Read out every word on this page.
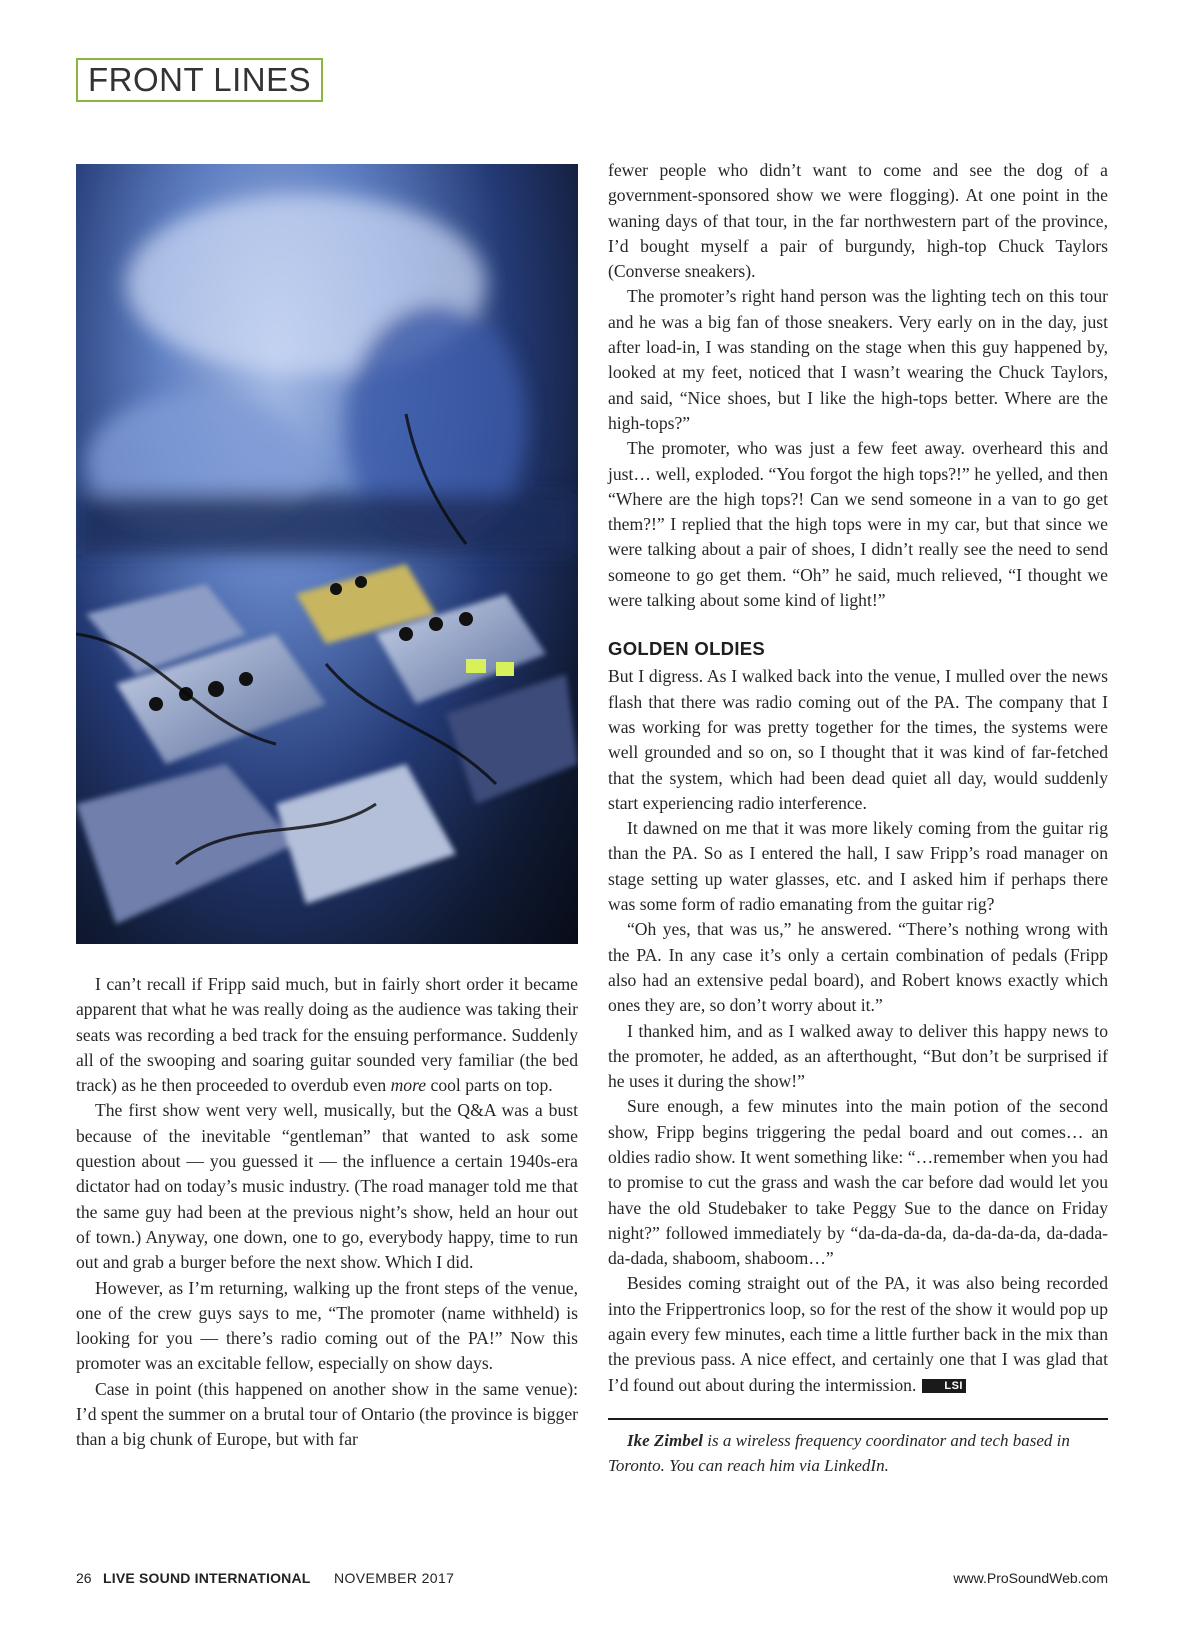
FRONT LINES

I can’t recall if Fripp said much, but in fairly short order it became apparent that what he was really doing as the audience was taking their seats was recording a bed track for the ensuing performance. Suddenly all of the swooping and soaring guitar sounded very familiar (the bed track) as he then proceeded to overdub even more cool parts on top.

The first show went very well, musically, but the Q&A was a bust because of the inevitable “gentleman” that wanted to ask some question about — you guessed it — the influence a certain 1940s-era dictator had on today’s music industry. (The road manager told me that the same guy had been at the previous night’s show, held an hour out of town.) Anyway, one down, one to go, everybody happy, time to run out and grab a burger before the next show. Which I did.

However, as I’m returning, walking up the front steps of the venue, one of the crew guys says to me, “The promoter (name withheld) is looking for you — there’s radio coming out of the PA!” Now this promoter was an excitable fellow, especially on show days.

Case in point (this happened on another show in the same venue): I’d spent the summer on a brutal tour of Ontario (the province is bigger than a big chunk of Europe, but with far

fewer people who didn’t want to come and see the dog of a government-sponsored show we were flogging). At one point in the waning days of that tour, in the far northwestern part of the province, I’d bought myself a pair of burgundy, high-top Chuck Taylors (Converse sneakers).

The promoter’s right hand person was the lighting tech on this tour and he was a big fan of those sneakers. Very early on in the day, just after load-in, I was standing on the stage when this guy happened by, looked at my feet, noticed that I wasn’t wearing the Chuck Taylors, and said, “Nice shoes, but I like the high-tops better. Where are the high-tops?”

The promoter, who was just a few feet away. overheard this and just… well, exploded. “You forgot the high tops?!” he yelled, and then “Where are the high tops?! Can we send someone in a van to go get them?!” I replied that the high tops were in my car, but that since we were talking about a pair of shoes, I didn’t really see the need to send someone to go get them. “Oh” he said, much relieved, “I thought we were talking about some kind of light!”

GOLDEN OLDIES

But I digress. As I walked back into the venue, I mulled over the news flash that there was radio coming out of the PA. The company that I was working for was pretty together for the times, the systems were well grounded and so on, so I thought that it was kind of far-fetched that the system, which had been dead quiet all day, would suddenly start experiencing radio interference.

It dawned on me that it was more likely coming from the guitar rig than the PA. So as I entered the hall, I saw Fripp’s road manager on stage setting up water glasses, etc. and I asked him if perhaps there was some form of radio emanating from the guitar rig?

“Oh yes, that was us,” he answered. “There’s nothing wrong with the PA. In any case it’s only a certain combination of pedals (Fripp also had an extensive pedal board), and Robert knows exactly which ones they are, so don’t worry about it.”

I thanked him, and as I walked away to deliver this happy news to the promoter, he added, as an afterthought, “But don’t be surprised if he uses it during the show!”

Sure enough, a few minutes into the main potion of the second show, Fripp begins triggering the pedal board and out comes… an oldies radio show. It went something like: “…remember when you had to promise to cut the grass and wash the car before dad would let you have the old Studebaker to take Peggy Sue to the dance on Friday night?” followed immediately by “da-da-da-da, da-da-da-da, da-dada-da-dada, shaboom, shaboom…”

Besides coming straight out of the PA, it was also being recorded into the Frippertronics loop, so for the rest of the show it would pop up again every few minutes, each time a little further back in the mix than the previous pass. A nice effect, and certainly one that I was glad that I’d found out about during the intermission.	LSI

Ike Zimbel is a wireless frequency coordinator and tech based in Toronto. You can reach him via LinkedIn.

26 LIVE SOUND INTERNATIONAL NOVEMBER 2017	www.ProSoundWeb.com
